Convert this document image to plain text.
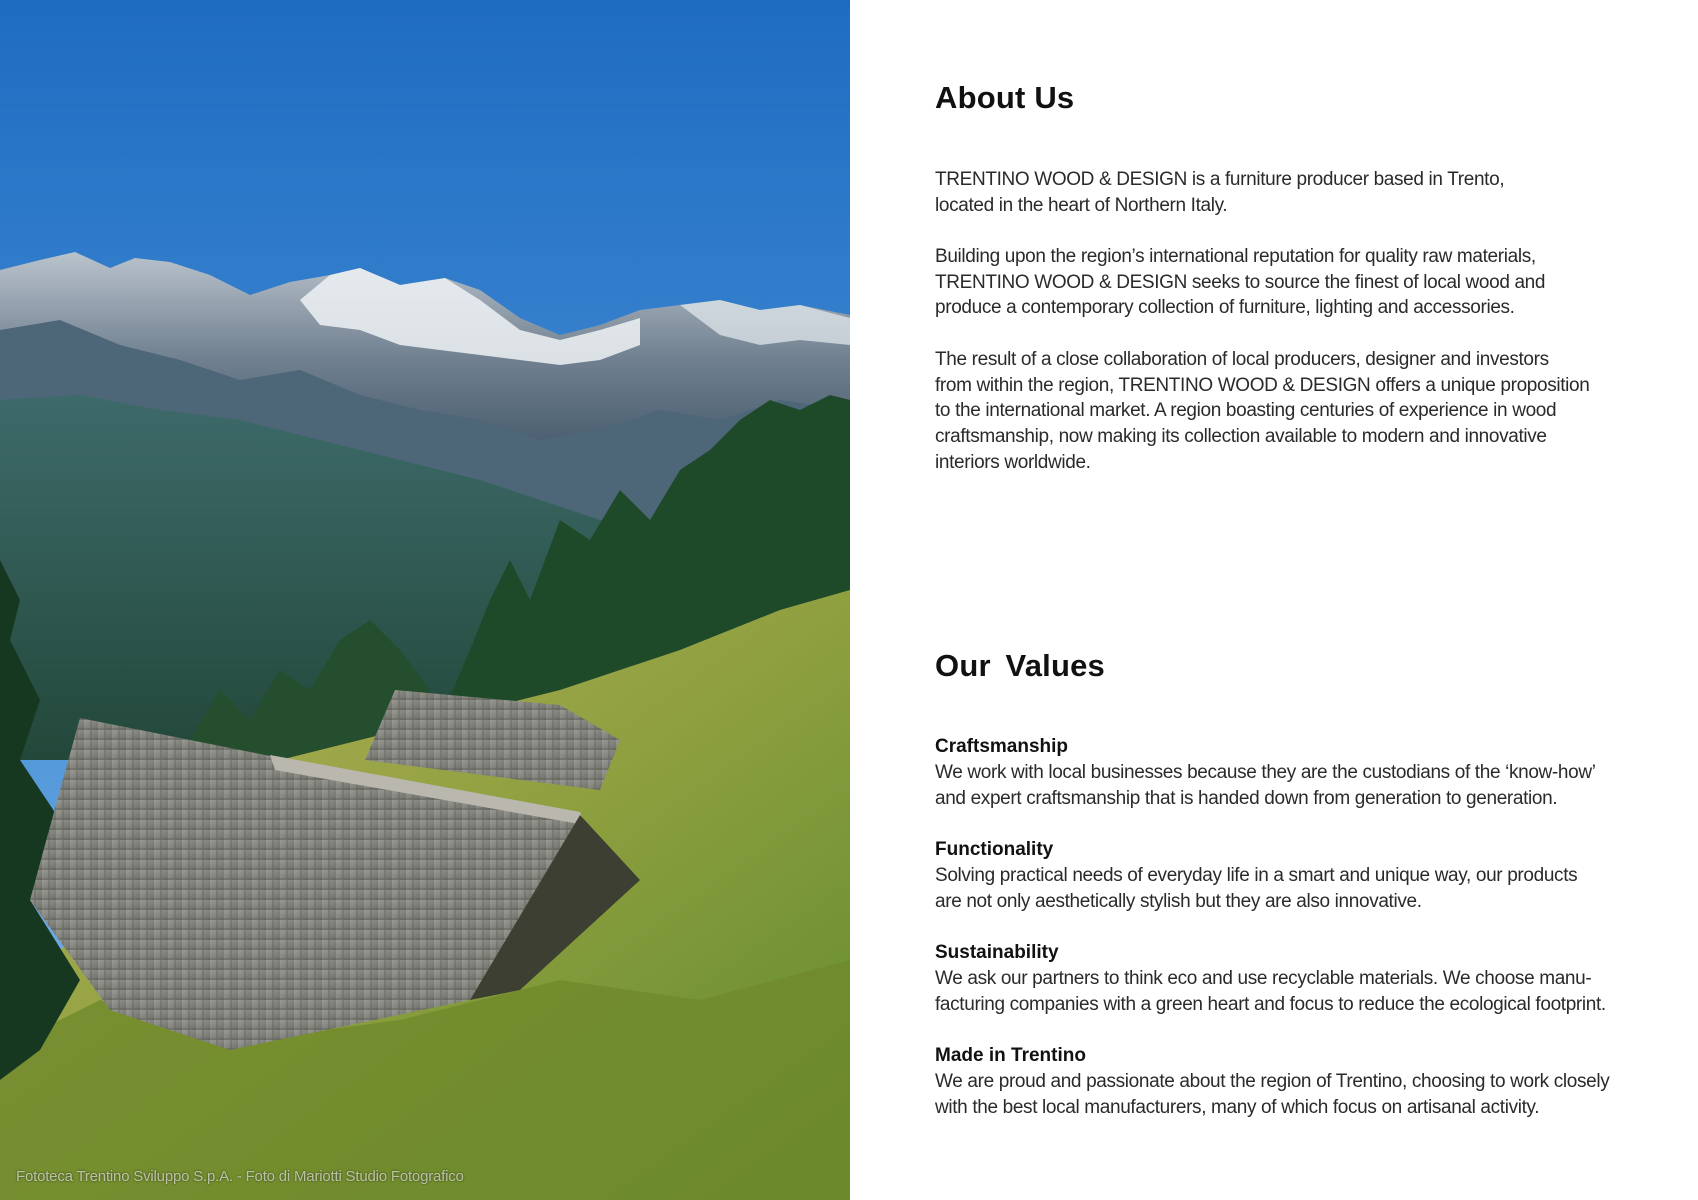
Fototeca Trentino Sviluppo S.p.A. - Foto di Mariotti Studio Fotografico
About Us

TRENTINO WOOD & DESIGN is a furniture producer based in Trento,
located in the heart of Northern Italy.

Building upon the region’s international reputation for quality raw materials,
TRENTINO WOOD & DESIGN seeks to source the finest of local wood and
produce a contemporary collection of furniture, lighting and accessories.

The result of a close collaboration of local producers, designer and investors
from within the region, TRENTINO WOOD & DESIGN offers a unique proposition
to the international market. A region boasting centuries of experience in wood
craftsmanship, now making its collection available to modern and innovative
interiors worldwide.

Our Values

Craftsmanship

We work with local businesses because they are the custodians of the ‘know-how’
and expert craftsmanship that is handed down from generation to generation.

Functionality

Solving practical needs of everyday life in a smart and unique way, our products
are not only aesthetically stylish but they are also innovative.

Sustainability

We ask our partners to think eco and use recyclable materials. We choose manu-
facturing companies with a green heart and focus to reduce the ecological footprint.

Made in Trentino

We are proud and passionate about the region of Trentino, choosing to work closely
with the best local manufacturers, many of which focus on artisanal activity.
